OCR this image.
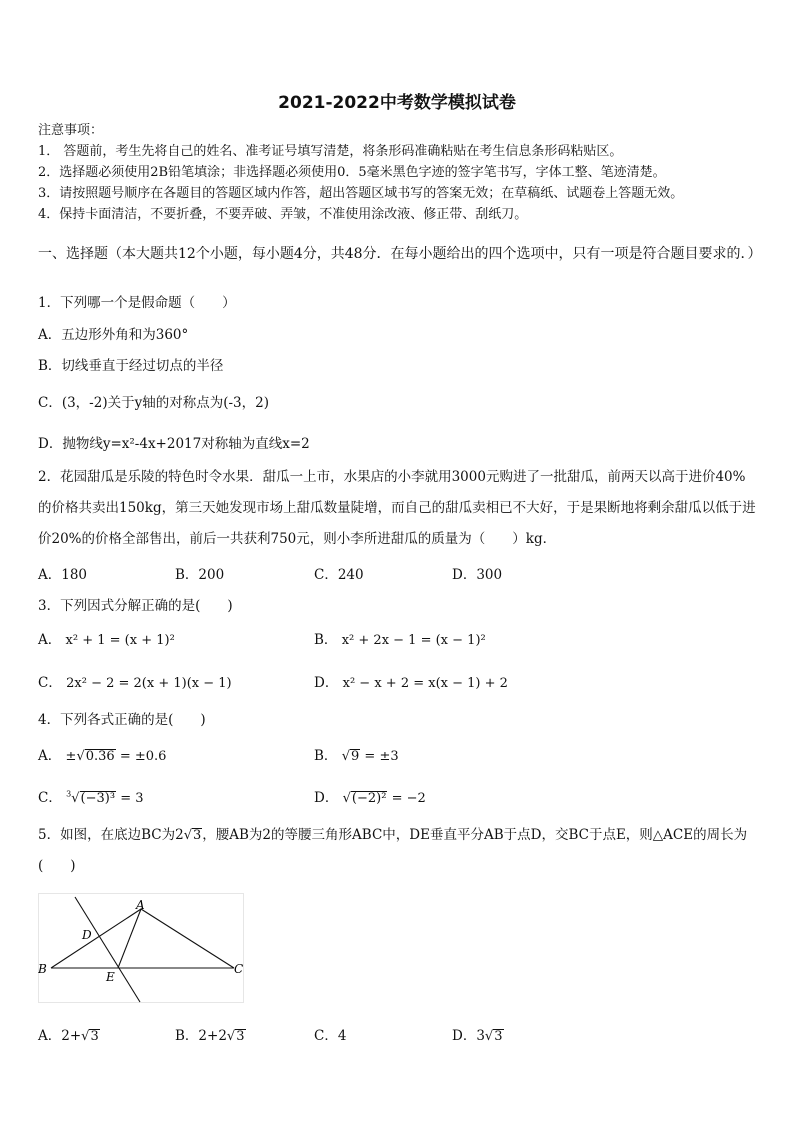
2021-2022中考数学模拟试卷
注意事项：
1． 答题前，考生先将自己的姓名、准考证号填写清楚，将条形码准确粘贴在考生信息条形码粘贴区。
2．选择题必须使用2B铅笔填涂；非选择题必须使用0．5毫米黑色字迹的签字笔书写，字体工整、笔迹清楚。
3．请按照题号顺序在各题目的答题区域内作答，超出答题区域书写的答案无效；在草稿纸、试题卷上答题无效。
4．保持卡面清洁，不要折叠，不要弄破、弄皱，不准使用涂改液、修正带、刮纸刀。
一、选择题（本大题共12个小题，每小题4分，共48分．在每小题给出的四个选项中，只有一项是符合题目要求的．）
1．下列哪一个是假命题（　　）
A．五边形外角和为360°
B．切线垂直于经过切点的半径
C．(3，-2)关于y轴的对称点为(-3，2)
D．抛物线y=x²-4x+2017对称轴为直线x=2
2．花园甜瓜是乐陵的特色时令水果．甜瓜一上市，水果店的小李就用3000元购进了一批甜瓜，前两天以高于进价40%的价格共卖出150kg，第三天她发现市场上甜瓜数量陡增，而自己的甜瓜卖相已不大好，于是果断地将剩余甜瓜以低于进价20%的价格全部售出，前后一共获利750元，则小李所进甜瓜的质量为（　　）kg．
A．180	B．200	C．240	D．300
3．下列因式分解正确的是(　　)
A． x² + 1 = (x + 1)²	B． x² + 2x − 1 = (x − 1)²
C． 2x² − 2 = 2(x + 1)(x − 1)	D． x² − x + 2 = x(x − 1) + 2
4．下列各式正确的是(　　)
A． ±√0.36 = ±0.6	B． √9 = ±3
C． $^3$√(−3)³ = 3	D． √(−2)² = −2
5．如图，在底边BC为2√3，腰AB为2的等腰三角形ABC中，DE垂直平分AB于点D，交BC于点E，则△ACE的周长为(　　)
A
B	C
D
E
A．2+√3	B．2+2√3	C．4	D．3√3
